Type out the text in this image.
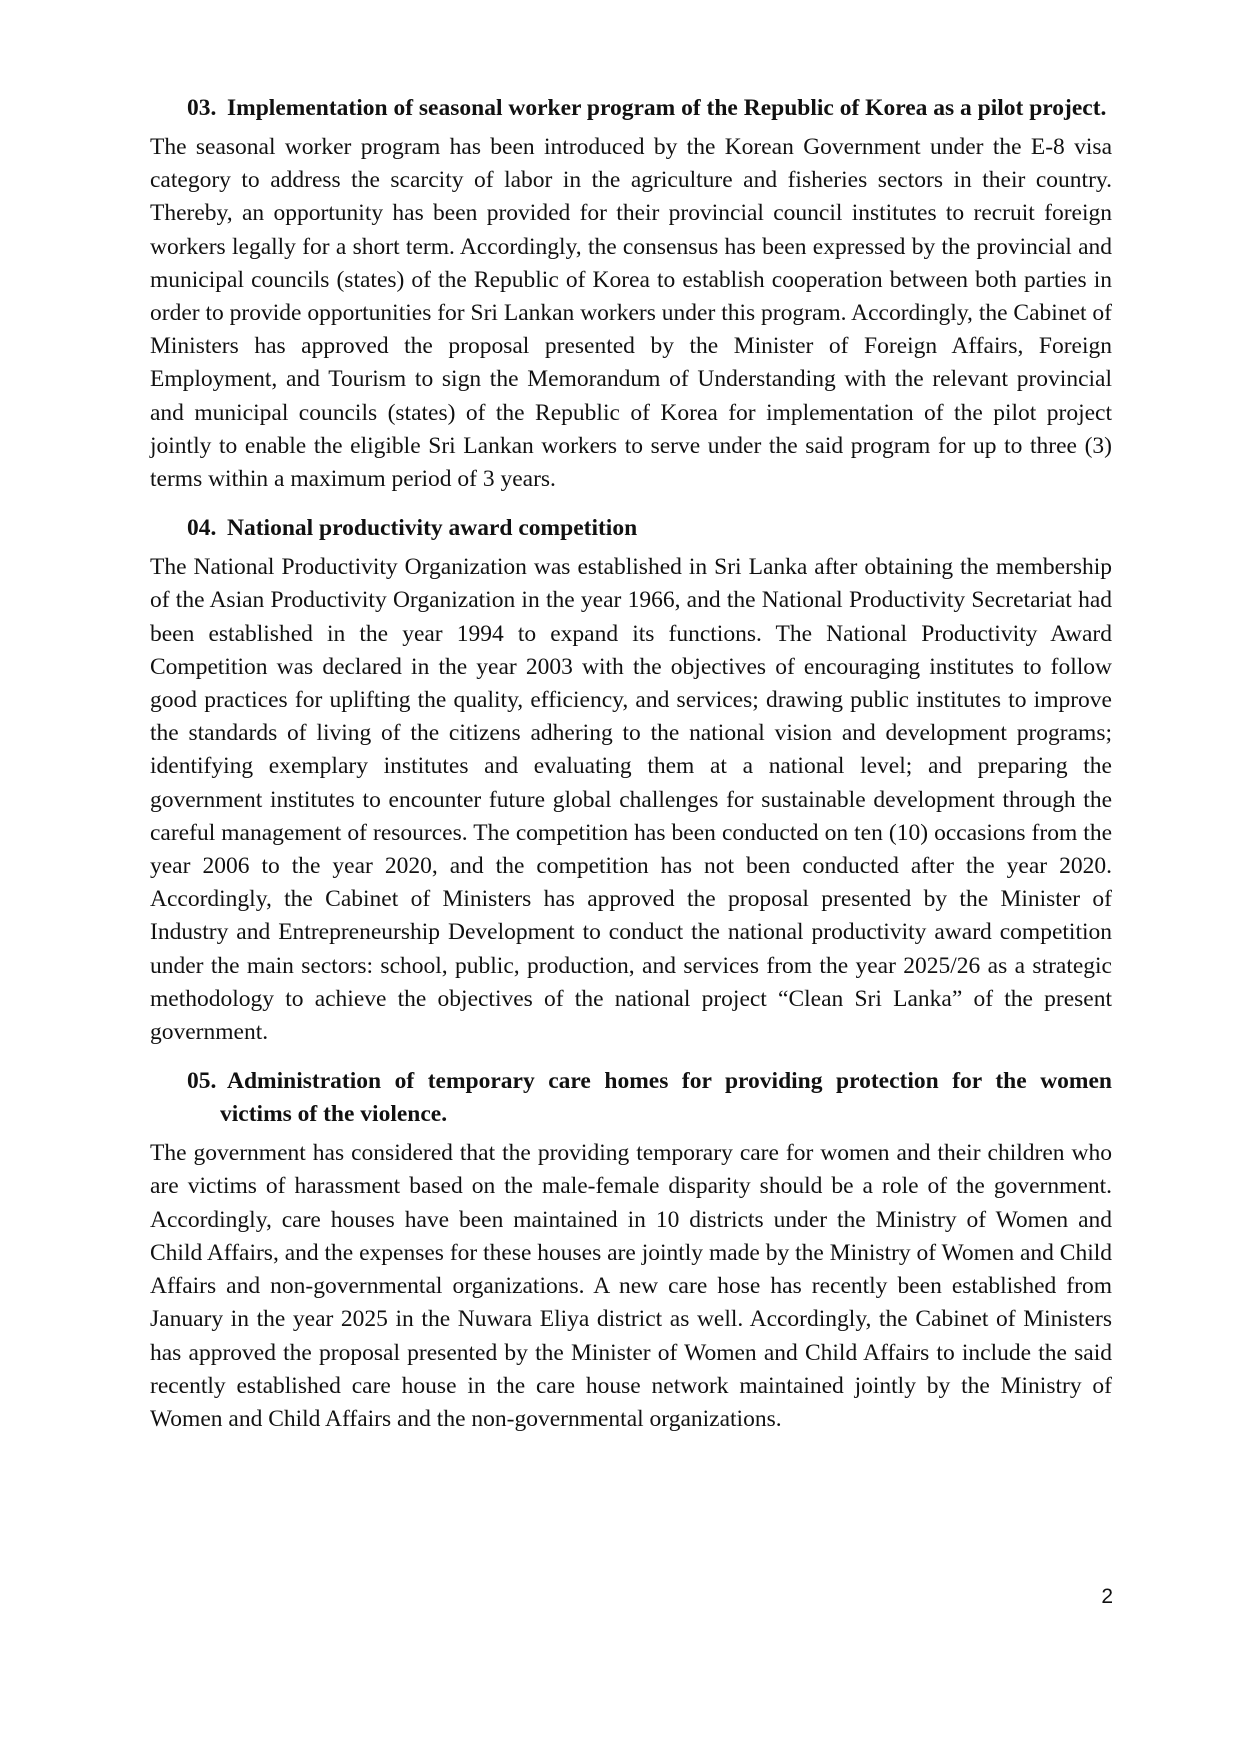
03. Implementation of seasonal worker program of the Republic of Korea as a pilot project.

The seasonal worker program has been introduced by the Korean Government under the E-8 visa category to address the scarcity of labor in the agriculture and fisheries sectors in their country. Thereby, an opportunity has been provided for their provincial council institutes to recruit foreign workers legally for a short term. Accordingly, the consensus has been expressed by the provincial and municipal councils (states) of the Republic of Korea to establish cooperation between both parties in order to provide opportunities for Sri Lankan workers under this program. Accordingly, the Cabinet of Ministers has approved the proposal presented by the Minister of Foreign Affairs, Foreign Employment, and Tourism to sign the Memorandum of Understanding with the relevant provincial and municipal councils (states) of the Republic of Korea for implementation of the pilot project jointly to enable the eligible Sri Lankan workers to serve under the said program for up to three (3) terms within a maximum period of 3 years.

04. National productivity award competition

The National Productivity Organization was established in Sri Lanka after obtaining the membership of the Asian Productivity Organization in the year 1966, and the National Productivity Secretariat had been established in the year 1994 to expand its functions. The National Productivity Award Competition was declared in the year 2003 with the objectives of encouraging institutes to follow good practices for uplifting the quality, efficiency, and services; drawing public institutes to improve the standards of living of the citizens adhering to the national vision and development programs; identifying exemplary institutes and evaluating them at a national level; and preparing the government institutes to encounter future global challenges for sustainable development through the careful management of resources. The competition has been conducted on ten (10) occasions from the year 2006 to the year 2020, and the competition has not been conducted after the year 2020. Accordingly, the Cabinet of Ministers has approved the proposal presented by the Minister of Industry and Entrepreneurship Development to conduct the national productivity award competition under the main sectors: school, public, production, and services from the year 2025/26 as a strategic methodology to achieve the objectives of the national project “Clean Sri Lanka” of the present government.

05. Administration of temporary care homes for providing protection for the women victims of the violence.

The government has considered that the providing temporary care for women and their children who are victims of harassment based on the male-female disparity should be a role of the government. Accordingly, care houses have been maintained in 10 districts under the Ministry of Women and Child Affairs, and the expenses for these houses are jointly made by the Ministry of Women and Child Affairs and non-governmental organizations. A new care hose has recently been established from January in the year 2025 in the Nuwara Eliya district as well. Accordingly, the Cabinet of Ministers has approved the proposal presented by the Minister of Women and Child Affairs to include the said recently established care house in the care house network maintained jointly by the Ministry of Women and Child Affairs and the non-governmental organizations.

2
